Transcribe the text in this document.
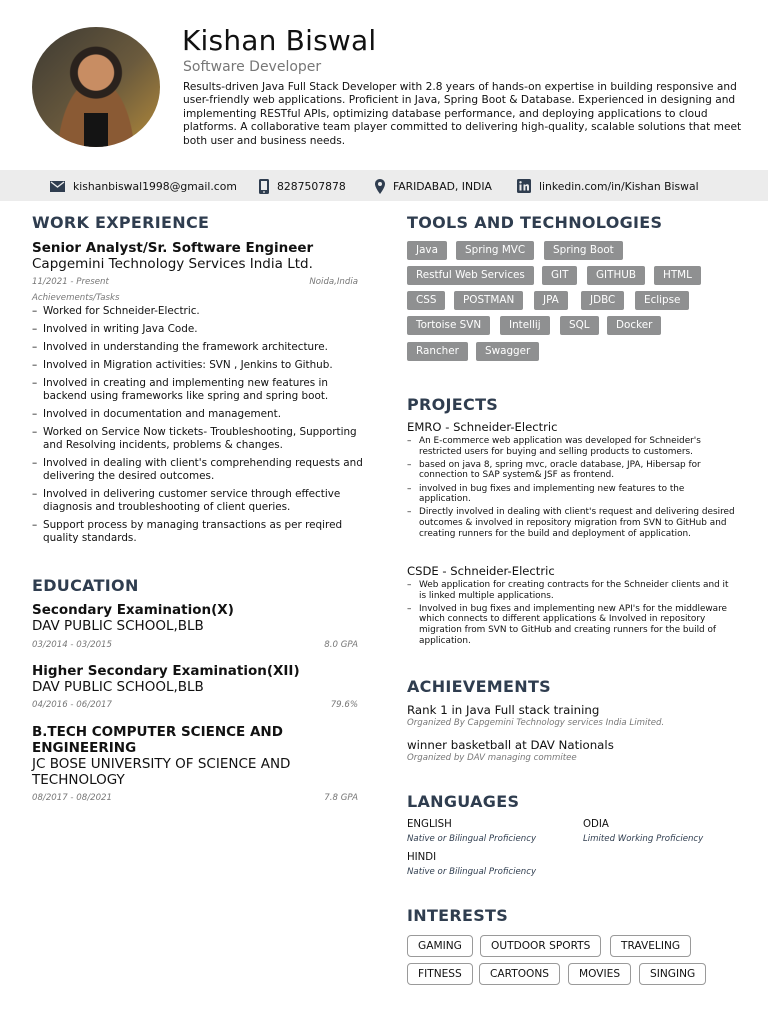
Kishan Biswal
Software Developer
Results-driven Java Full Stack Developer with 2.8 years of hands-on expertise in building responsive and user-friendly web applications. Proficient in Java, Spring Boot & Database. Experienced in designing and implementing RESTful APIs, optimizing database performance, and deploying applications to cloud platforms. A collaborative team player committed to delivering high-quality, scalable solutions that meet both user and business needs.
kishanbiswal1998@gmail.com	8287507878	FARIDABAD, INDIA	linkedin.com/in/Kishan Biswal
WORK EXPERIENCE
Senior Analyst/Sr. Software Engineer
Capgemini Technology Services India Ltd.
11/2021 - Present	Noida,India
Achievements/Tasks
– Worked for Schneider-Electric.
– Involved in writing Java Code.
– Involved in understanding the framework architecture.
– Involved in Migration activities: SVN , Jenkins to Github.
– Involved in creating and implementing new features in backend using frameworks like spring and spring boot.
– Involved in documentation and management.
– Worked on Service Now tickets- Troubleshooting, Supporting and Resolving incidents, problems & changes.
– Involved in dealing with client's comprehending requests and delivering the desired outcomes.
– Involved in delivering customer service through effective diagnosis and troubleshooting of client queries.
– Support process by managing transactions as per reqired quality standards.
EDUCATION
Secondary Examination(X)
DAV PUBLIC SCHOOL,BLB
03/2014 - 03/2015	8.0 GPA
Higher Secondary Examination(XII)
DAV PUBLIC SCHOOL,BLB
04/2016 - 06/2017	79.6%
B.TECH COMPUTER SCIENCE AND ENGINEERING
JC BOSE UNIVERSITY OF SCIENCE AND TECHNOLOGY
08/2017 - 08/2021	7.8 GPA
TOOLS AND TECHNOLOGIES
Java	Spring MVC	Spring Boot
Restful Web Services	GIT	GITHUB	HTML
CSS	POSTMAN	JPA	JDBC	Eclipse
Tortoise SVN	Intellij	SQL	Docker
Rancher	Swagger
PROJECTS
EMRO - Schneider-Electric
– An E-commerce web application was developed for Schneider's restricted users for buying and selling products to customers.
– based on java 8, spring mvc, oracle database, JPA, Hibersap for connection to SAP system& JSF as frontend.
– involved in bug fixes and implementing new features to the application.
– Directly involved in dealing with client's request and delivering desired outcomes & involved in repository migration from SVN to GitHub and creating runners for the build and deployment of application.
CSDE - Schneider-Electric
– Web application for creating contracts for the Schneider clients and it is linked multiple applications.
– Involved in bug fixes and implementing new API's for the middleware which connects to different applications & Involved in repository migration from SVN to GitHub and creating runners for the build of application.
ACHIEVEMENTS
Rank 1 in Java Full stack training
Organized By Capgemini Technology services India Limited.
winner basketball at DAV Nationals
Organized by DAV managing commitee
LANGUAGES
ENGLISH
Native or Bilingual Proficiency
ODIA
Limited Working Proficiency
HINDI
Native or Bilingual Proficiency
INTERESTS
GAMING	OUTDOOR SPORTS	TRAVELING
FITNESS	CARTOONS	MOVIES	SINGING
